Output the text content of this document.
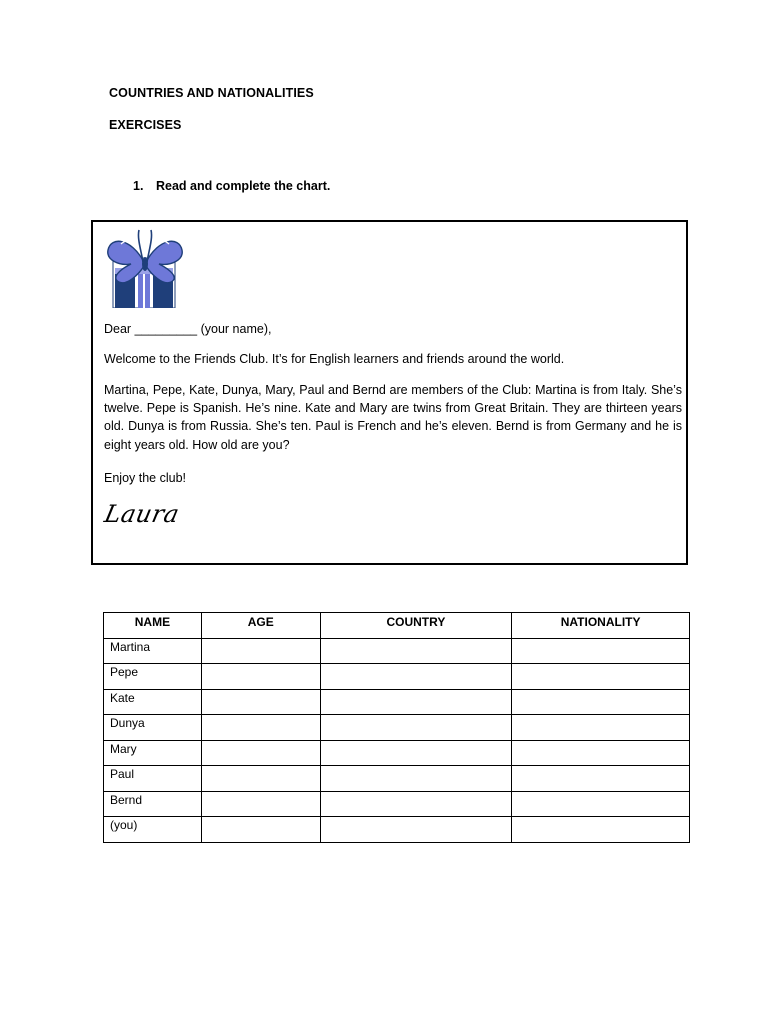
COUNTRIES AND NATIONALITIES
EXERCISES
1. Read and complete the chart.
Dear _________ (your name),
Welcome to the Friends Club. It’s for English learners and friends around the world.
Martina, Pepe, Kate, Dunya, Mary, Paul and Bernd are members of the Club: Martina is from Italy. She’s twelve. Pepe is Spanish. He’s nine. Kate and Mary are twins from Great Britain. They are thirteen years old. Dunya is from Russia. She’s ten. Paul is French and he’s eleven. Bernd is from Germany and he is eight years old. How old are you?
Enjoy the club!
Laura
NAME	AGE	COUNTRY	NATIONALITY
Martina			
Pepe			
Kate			
Dunya			
Mary			
Paul			
Bernd			
(you)			
